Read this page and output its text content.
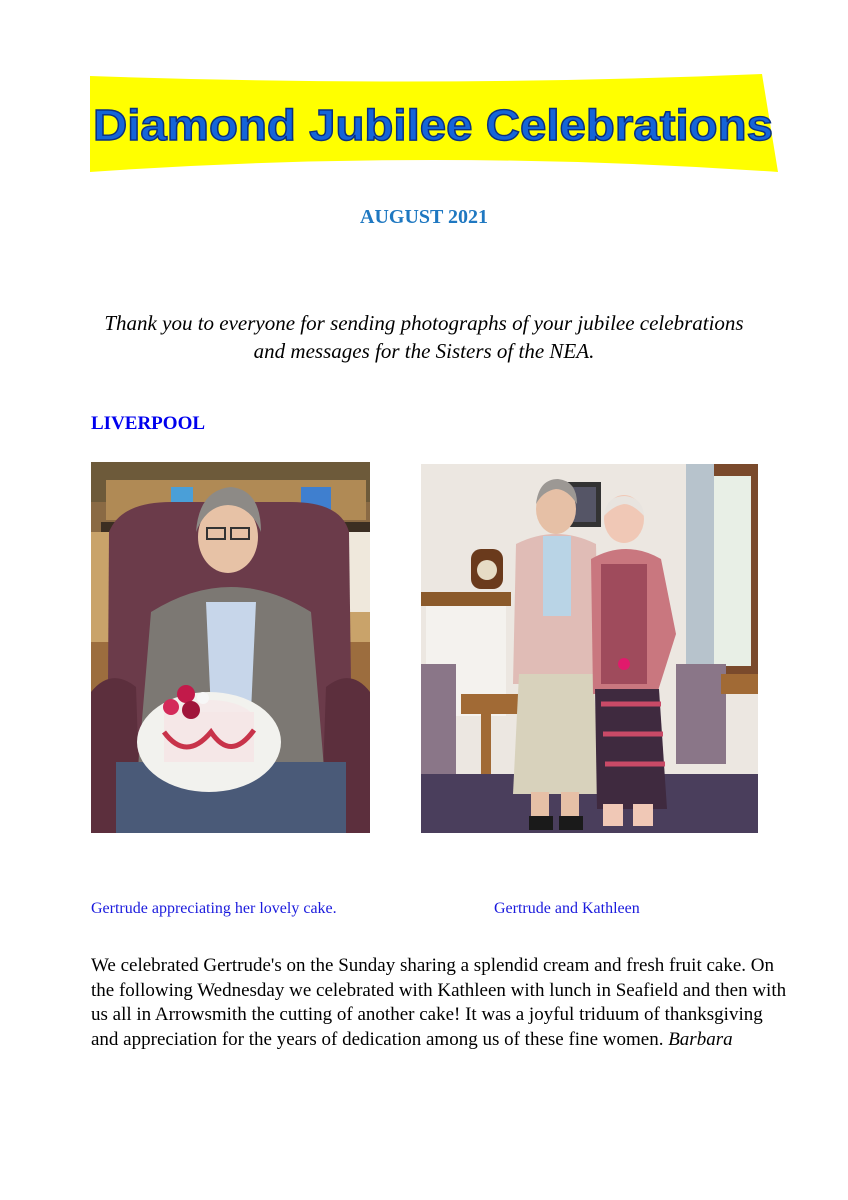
Diamond Jubilee Celebrations
AUGUST 2021
Thank you to everyone for sending photographs of your jubilee celebrations
and messages for the Sisters of the NEA.
LIVERPOOL
Gertrude appreciating her lovely cake.	Gertrude and Kathleen
We celebrated Gertrude's on the Sunday sharing a splendid cream and fresh fruit cake. On the following Wednesday we celebrated with Kathleen with lunch in Seafield and then with us all in Arrowsmith the cutting of another cake! It was a joyful triduum of thanksgiving and appreciation for the years of dedication among us of these fine women. Barbara
